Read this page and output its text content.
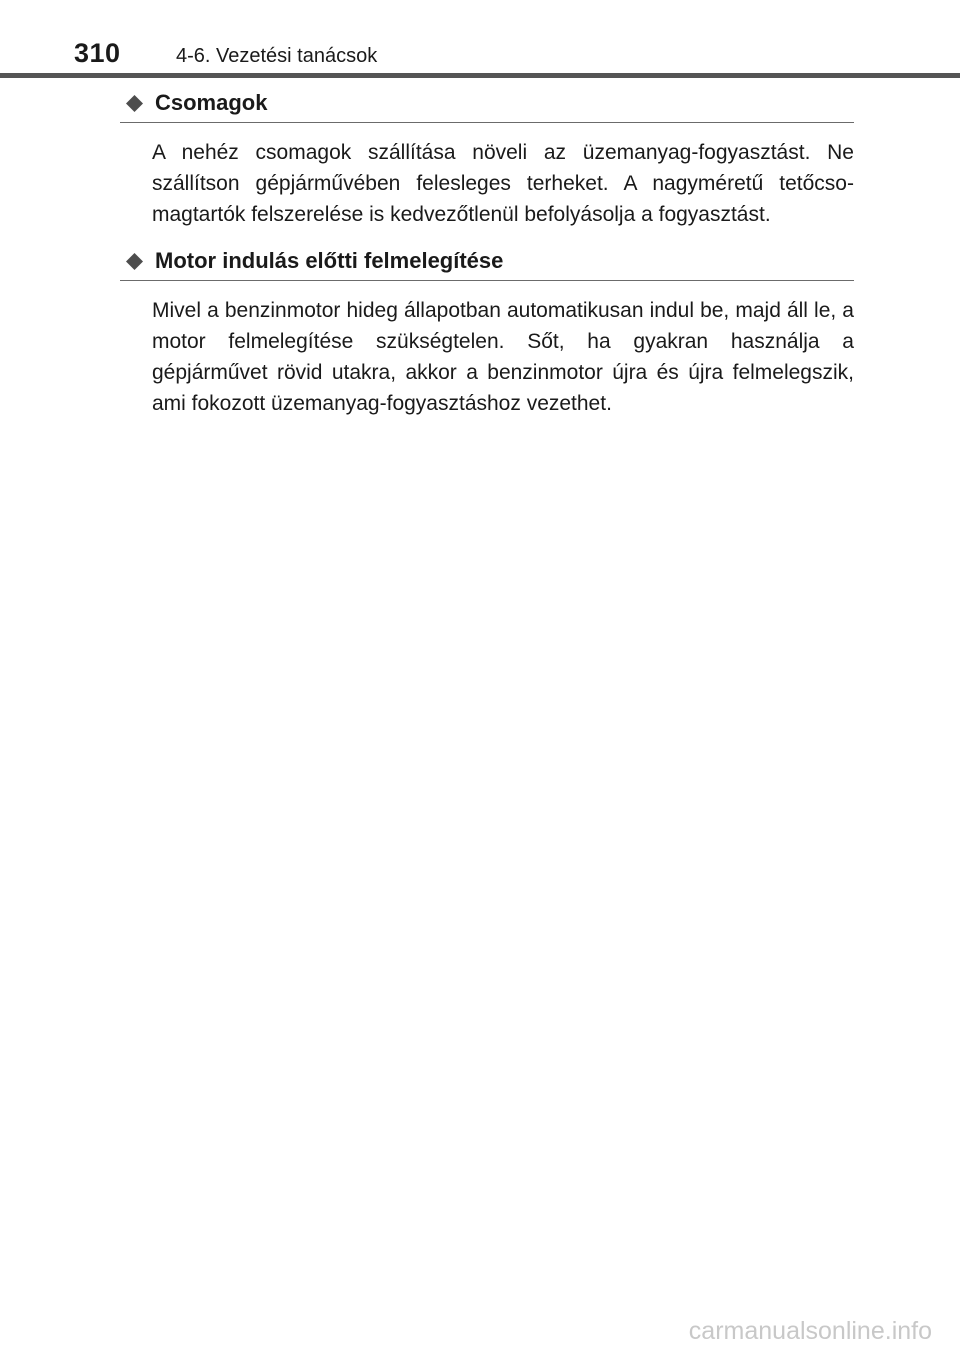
310	4-6. Vezetési tanácsok
Csomagok

A nehéz csomagok szállítása növeli az üzemanyag-fogyasztást. Ne szállítson gépjárművében felesleges terheket. A nagyméretű tetőcsomagtartók felszerelése is kedvezőtlenül befolyásolja a fogyasztást.

Motor indulás előtti felmelegítése

Mivel a benzinmotor hideg állapotban automatikusan indul be, majd áll le, a motor felmelegítése szükségtelen. Sőt, ha gyakran használja a gépjárművet rövid utakra, akkor a benzinmotor újra és újra felmelegszik, ami fokozott üzemanyag-fogyasztáshoz vezethet.

carmanualsonline.info
